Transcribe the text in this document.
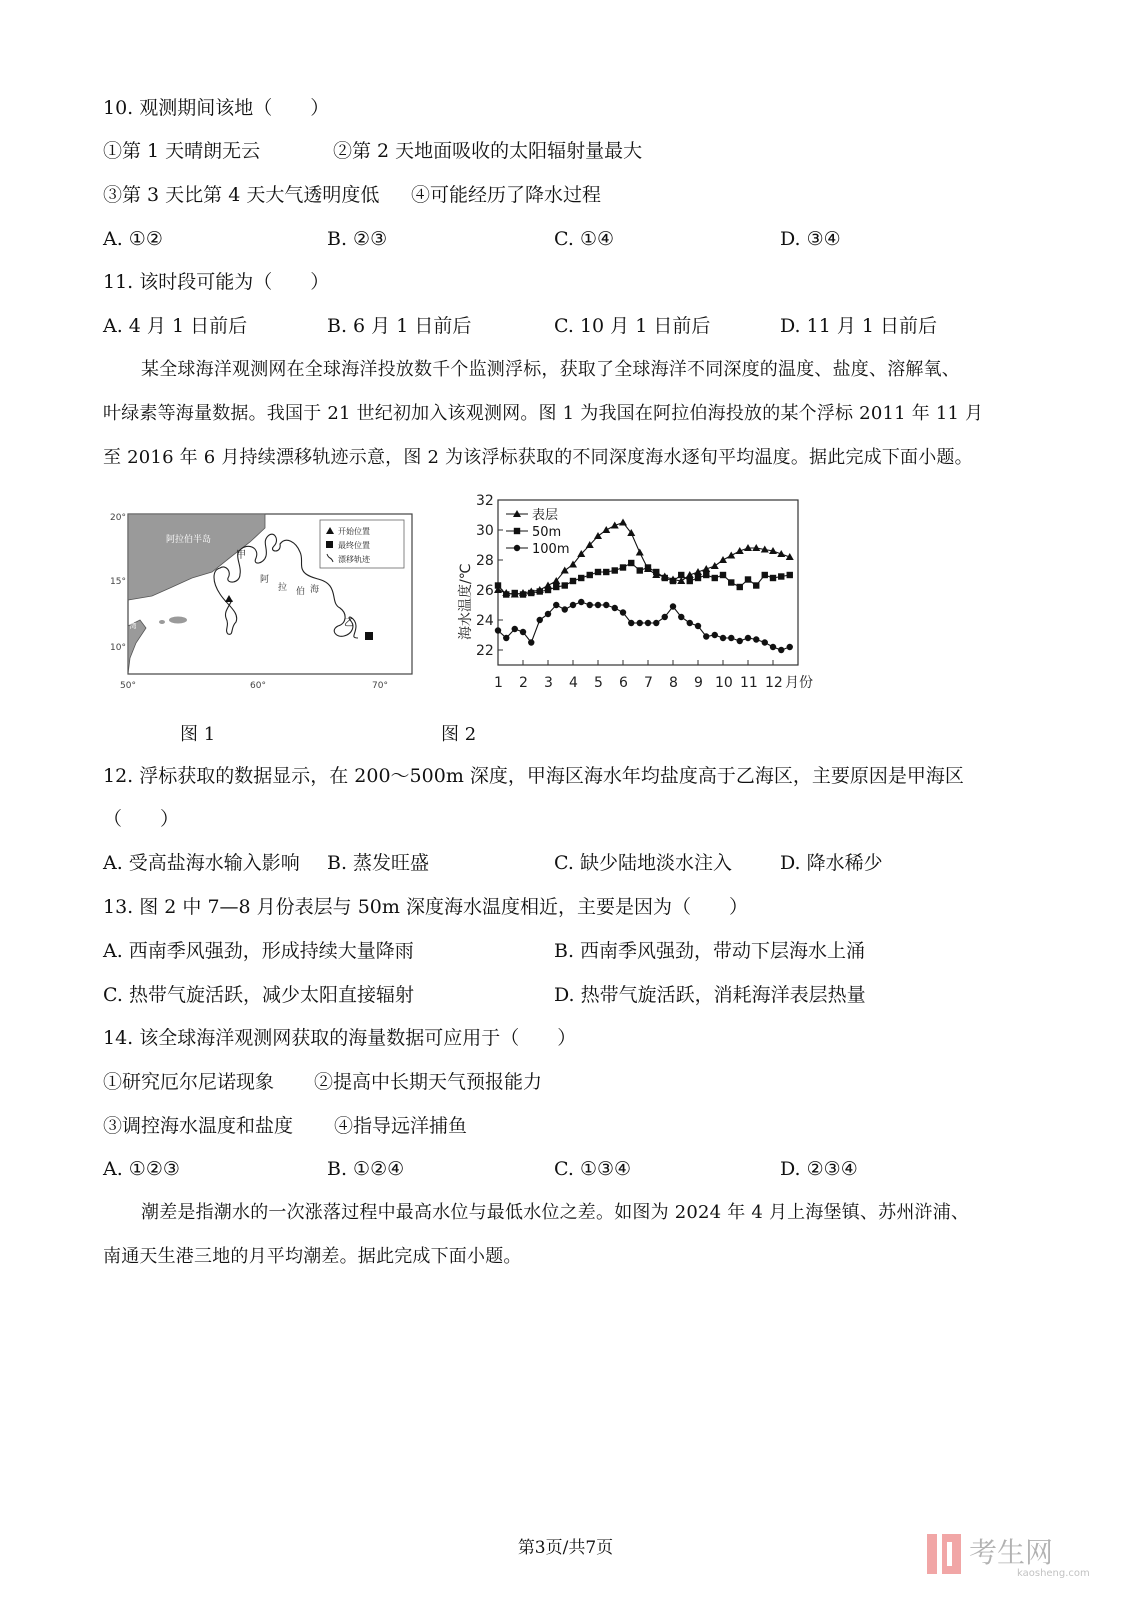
10. 观测期间该地（　　）
①第 1 天晴朗无云	②第 2 天地面吸收的太阳辐射量最大
③第 3 天比第 4 天大气透明度低 ④可能经历了降水过程
A. ①②	B. ②③	C. ①④	D. ③④
11. 该时段可能为（　　）
A. 4 月 1 日前后	B. 6 月 1 日前后	C. 10 月 1 日前后	D. 11 月 1 日前后
某全球海洋观测网在全球海洋投放数千个监测浮标，获取了全球海洋不同深度的温度、盐度、溶解氧、
叶绿素等海量数据。我国于 21 世纪初加入该观测网。图 1 为我国在阿拉伯海投放的某个浮标 2011 年 11 月
至 2016 年 6 月持续漂移轨迹示意，图 2 为该浮标获取的不同深度海水逐旬平均温度。据此完成下面小题。
阿拉伯半岛
甲
乙
阿
拉 伯 海
亚丁湾
开始位置
最终位置
漂移轨迹
20°
15°
10°
50°	60°	70°
22
24
26
28
30
32
1 2 3 4 5 6 7 8 9 10 11 12 月份
表层
50m
100m
海水温度/℃
图 1	图 2
12. 浮标获取的数据显示，在 200～500m 深度，甲海区海水年均盐度高于乙海区，主要原因是甲海区
（　　）
A. 受高盐海水输入影响 B. 蒸发旺盛	C. 缺少陆地淡水注入	D. 降水稀少
13. 图 2 中 7—8 月份表层与 50m 深度海水温度相近，主要是因为（　　）
A. 西南季风强劲，形成持续大量降雨	B. 西南季风强劲，带动下层海水上涌
C. 热带气旋活跃，减少太阳直接辐射	D. 热带气旋活跃，消耗海洋表层热量
14. 该全球海洋观测网获取的海量数据可应用于（　　）
①研究厄尔尼诺现象 ②提高中长期天气预报能力
③调控海水温度和盐度 ④指导远洋捕鱼
A. ①②③	B. ①②④	C. ①③④	D. ②③④
潮差是指潮水的一次涨落过程中最高水位与最低水位之差。如图为 2024 年 4 月上海堡镇、苏州浒浦、
南通天生港三地的月平均潮差。据此完成下面小题。
第3页/共7页	考生网
kaosheng.com
